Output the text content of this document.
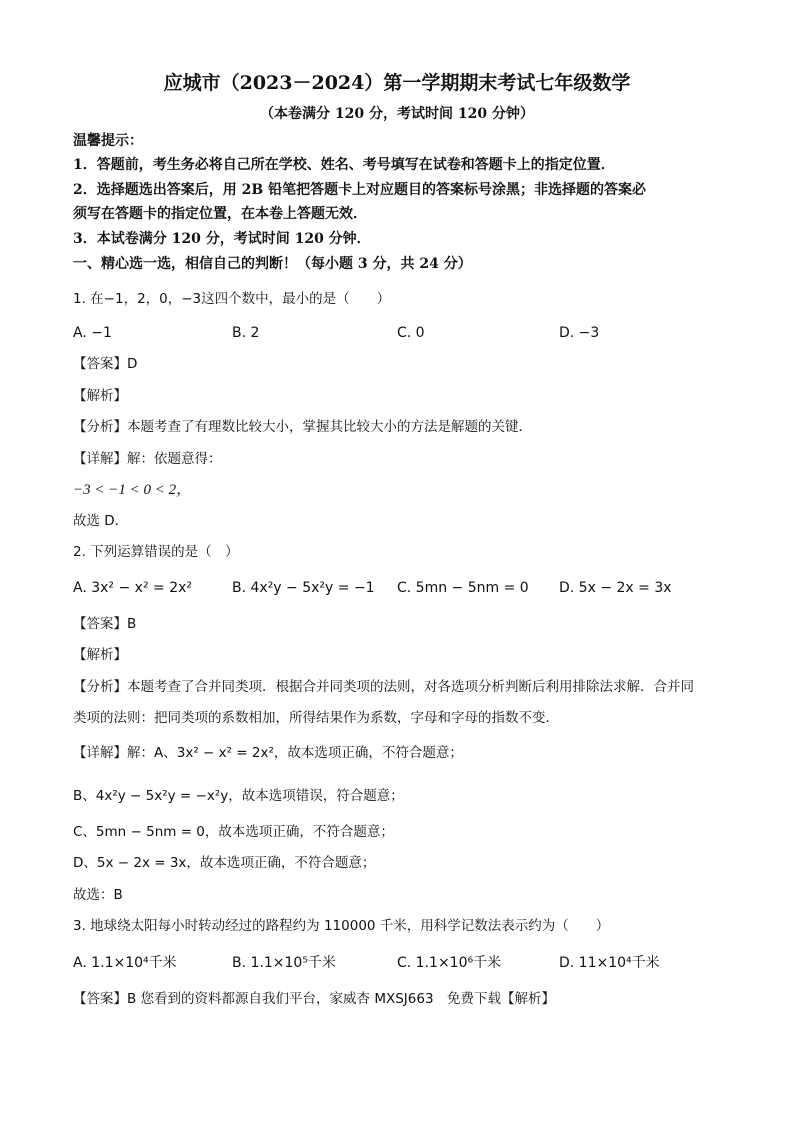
应城市（2023－2024）第一学期期末考试七年级数学
（本卷满分 120 分，考试时间 120 分钟）
温馨提示：
1．答题前，考生务必将自己所在学校、姓名、考号填写在试卷和答题卡上的指定位置．
2．选择题选出答案后，用 2B 铅笔把答题卡上对应题目的答案标号涂黑；非选择题的答案必
须写在答题卡的指定位置，在本卷上答题无效．
3．本试卷满分 120 分，考试时间 120 分钟．
一、精心选一选，相信自己的判断！（每小题 3 分，共 24 分）
1. 在−1，2，0，−3这四个数中，最小的是（　　）
A. −1	B. 2	C. 0	D. −3
【答案】D
【解析】
【分析】本题考查了有理数比较大小，掌握其比较大小的方法是解题的关键．
【详解】解：依题意得：
−3 < −1 < 0 < 2，
故选 D．
2. 下列运算错误的是（　）
A. 3x² − x² = 2x²	B. 4x²y − 5x²y = −1 C. 5mn − 5nm = 0 D. 5x − 2x = 3x
【答案】B
【解析】
【分析】本题考查了合并同类项．根据合并同类项的法则，对各选项分析判断后利用排除法求解．合并同
类项的法则：把同类项的系数相加，所得结果作为系数，字母和字母的指数不变．
【详解】解：A、3x² − x² = 2x²，故本选项正确，不符合题意；
B、4x²y − 5x²y = −x²y，故本选项错误，符合题意；
C、5mn − 5nm = 0，故本选项正确，不符合题意；
D、5x − 2x = 3x，故本选项正确，不符合题意；
故选：B
3. 地球绕太阳每小时转动经过的路程约为 110000 千米，用科学记数法表示约为（　　）
A. 1.1×10⁴千米	B. 1.1×10⁵千米	C. 1.1×10⁶千米	D. 11×10⁴千米
【答案】B 您看到的资料都源自我们平台，家威杏 MXSJ663　免费下载【解析】
